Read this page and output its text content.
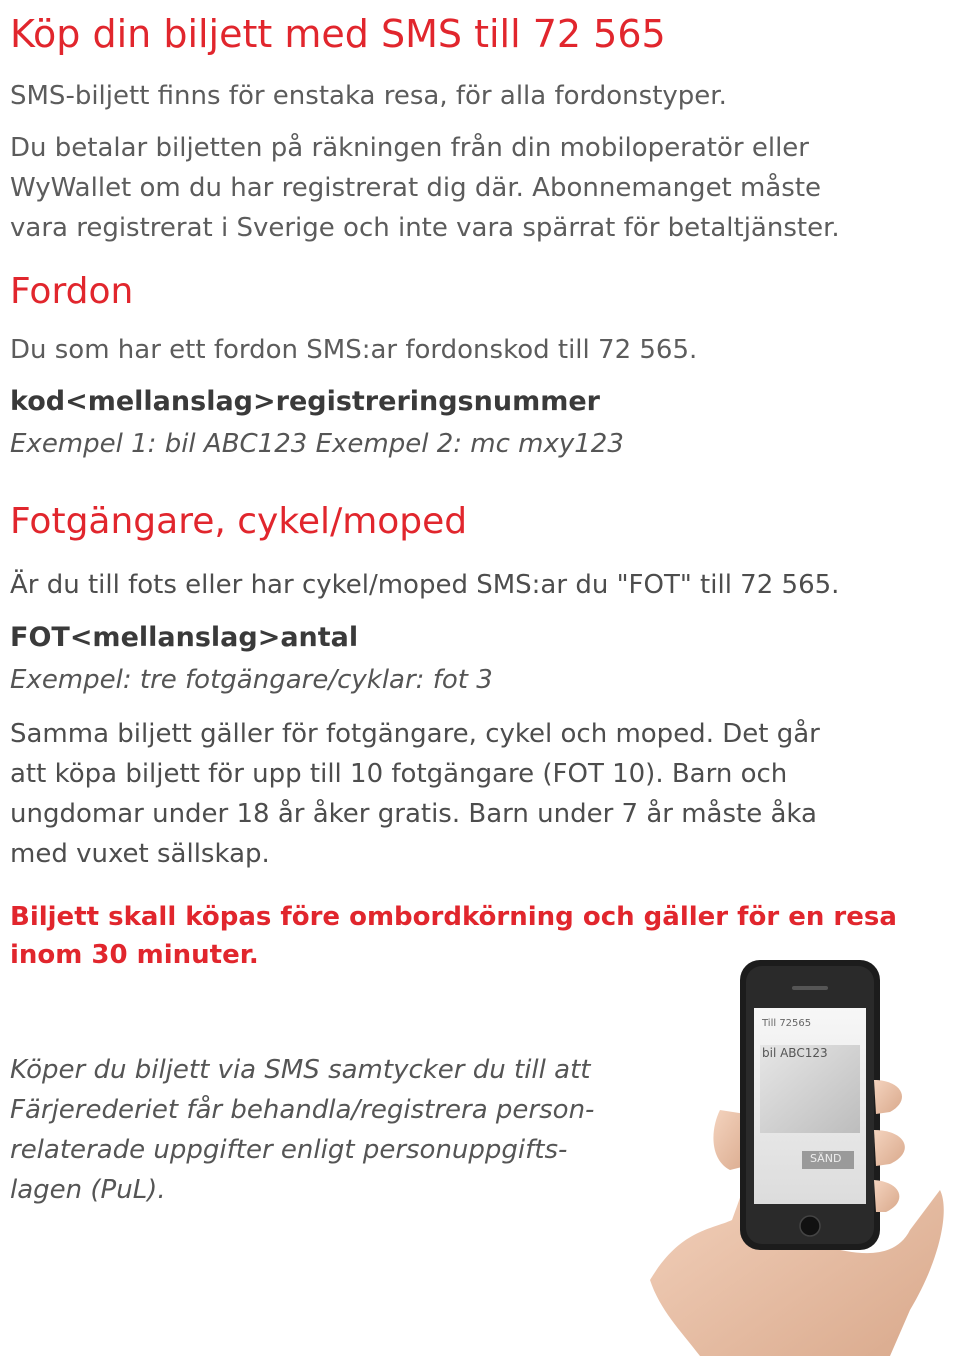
Köp din biljett med SMS till 72 565

SMS-biljett finns för enstaka resa, för alla fordonstyper.

Du betalar biljetten på räkningen från din mobiloperatör eller

WyWallet om du har registrerat dig där. Abonnemanget måste

vara registrerat i Sverige och inte vara spärrat för betaltjänster.

Fordon

Du som har ett fordon SMS:ar fordonskod till 72 565.

kod<mellanslag>registreringsnummer

Exempel 1: bil ABC123 Exempel 2: mc mxy123

Fotgängare, cykel/moped

Är du till fots eller har cykel/moped SMS:ar du "FOT" till 72 565.

FOT<mellanslag>antal

Exempel: tre fotgängare/cyklar: fot 3

Samma biljett gäller för fotgängare, cykel och moped. Det går

att köpa biljett för upp till 10 fotgängare (FOT 10). Barn och

ungdomar under 18 år åker gratis. Barn under 7 år måste åka

med vuxet sällskap.

Biljett skall köpas före ombordkörning och gäller för en resa

inom 30 minuter.

Köper du biljett via SMS samtycker du till att

Färjerederiet får behandla/registrera person-

relaterade uppgifter enligt personuppgifts-

lagen (PuL).

Till 72565
bil ABC123
SÄND
